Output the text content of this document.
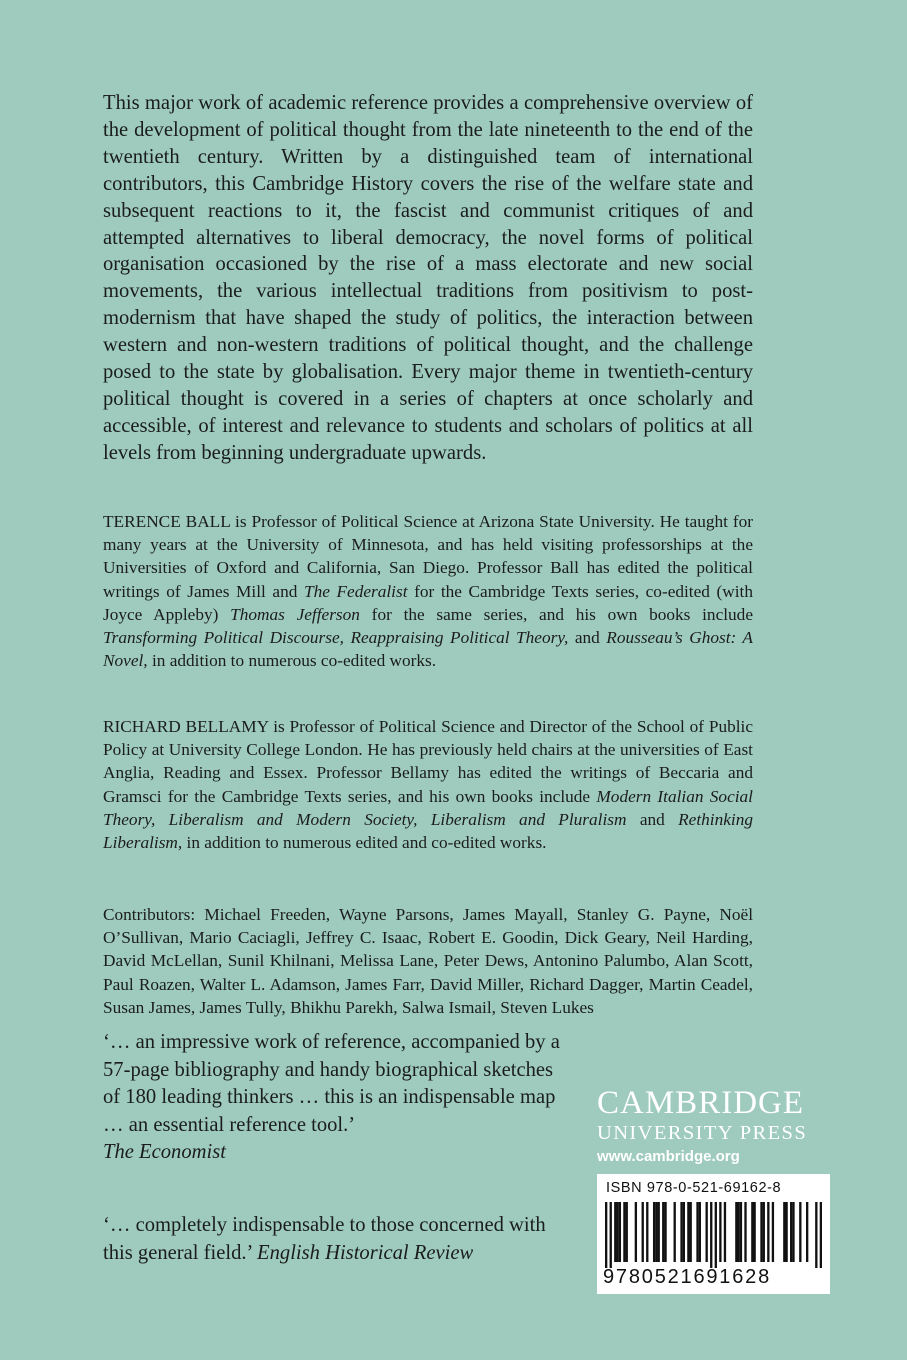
This major work of academic reference provides a comprehensive overview of the development of political thought from the late nineteenth to the end of the twentieth century. Written by a distinguished team of international contributors, this Cambridge History covers the rise of the welfare state and subsequent reactions to it, the fascist and communist critiques of and attempted alternatives to liberal democracy, the novel forms of political organisation occasioned by the rise of a mass electorate and new social movements, the various intellectual traditions from positivism to post-modernism that have shaped the study of politics, the interaction between western and non-western traditions of political thought, and the challenge posed to the state by globalisation. Every major theme in twentieth-century political thought is covered in a series of chapters at once scholarly and accessible, of interest and relevance to students and scholars of politics at all levels from beginning undergraduate upwards.

TERENCE BALL is Professor of Political Science at Arizona State University. He taught for many years at the University of Minnesota, and has held visiting professorships at the Universities of Oxford and California, San Diego. Professor Ball has edited the political writings of James Mill and The Federalist for the Cambridge Texts series, co-edited (with Joyce Appleby) Thomas Jefferson for the same series, and his own books include Transforming Political Discourse, Reappraising Political Theory, and Rousseau’s Ghost: A Novel, in addition to numerous co-edited works.

RICHARD BELLAMY is Professor of Political Science and Director of the School of Public Policy at University College London. He has previously held chairs at the universities of East Anglia, Reading and Essex. Professor Bellamy has edited the writings of Beccaria and Gramsci for the Cambridge Texts series, and his own books include Modern Italian Social Theory, Liberalism and Modern Society, Liberalism and Pluralism and Rethinking Liberalism, in addition to numerous edited and co-edited works.

Contributors: Michael Freeden, Wayne Parsons, James Mayall, Stanley G. Payne, Noël O’Sullivan, Mario Caciagli, Jeffrey C. Isaac, Robert E. Goodin, Dick Geary, Neil Harding, David McLellan, Sunil Khilnani, Melissa Lane, Peter Dews, Antonino Palumbo, Alan Scott, Paul Roazen, Walter L. Adamson, James Farr, David Miller, Richard Dagger, Martin Ceadel, Susan James, James Tully, Bhikhu Parekh, Salwa Ismail, Steven Lukes

‘… an impressive work of reference, accompanied by a 57-page bibliography and handy biographical sketches of 180 leading thinkers … this is an indispensable map … an essential reference tool.’
The Economist

‘… completely indispensable to those concerned with this general field.’ English Historical Review

CAMBRIDGE
UNIVERSITY PRESS
www.cambridge.org
ISBN 978-0-521-69162-8
9780521691628
